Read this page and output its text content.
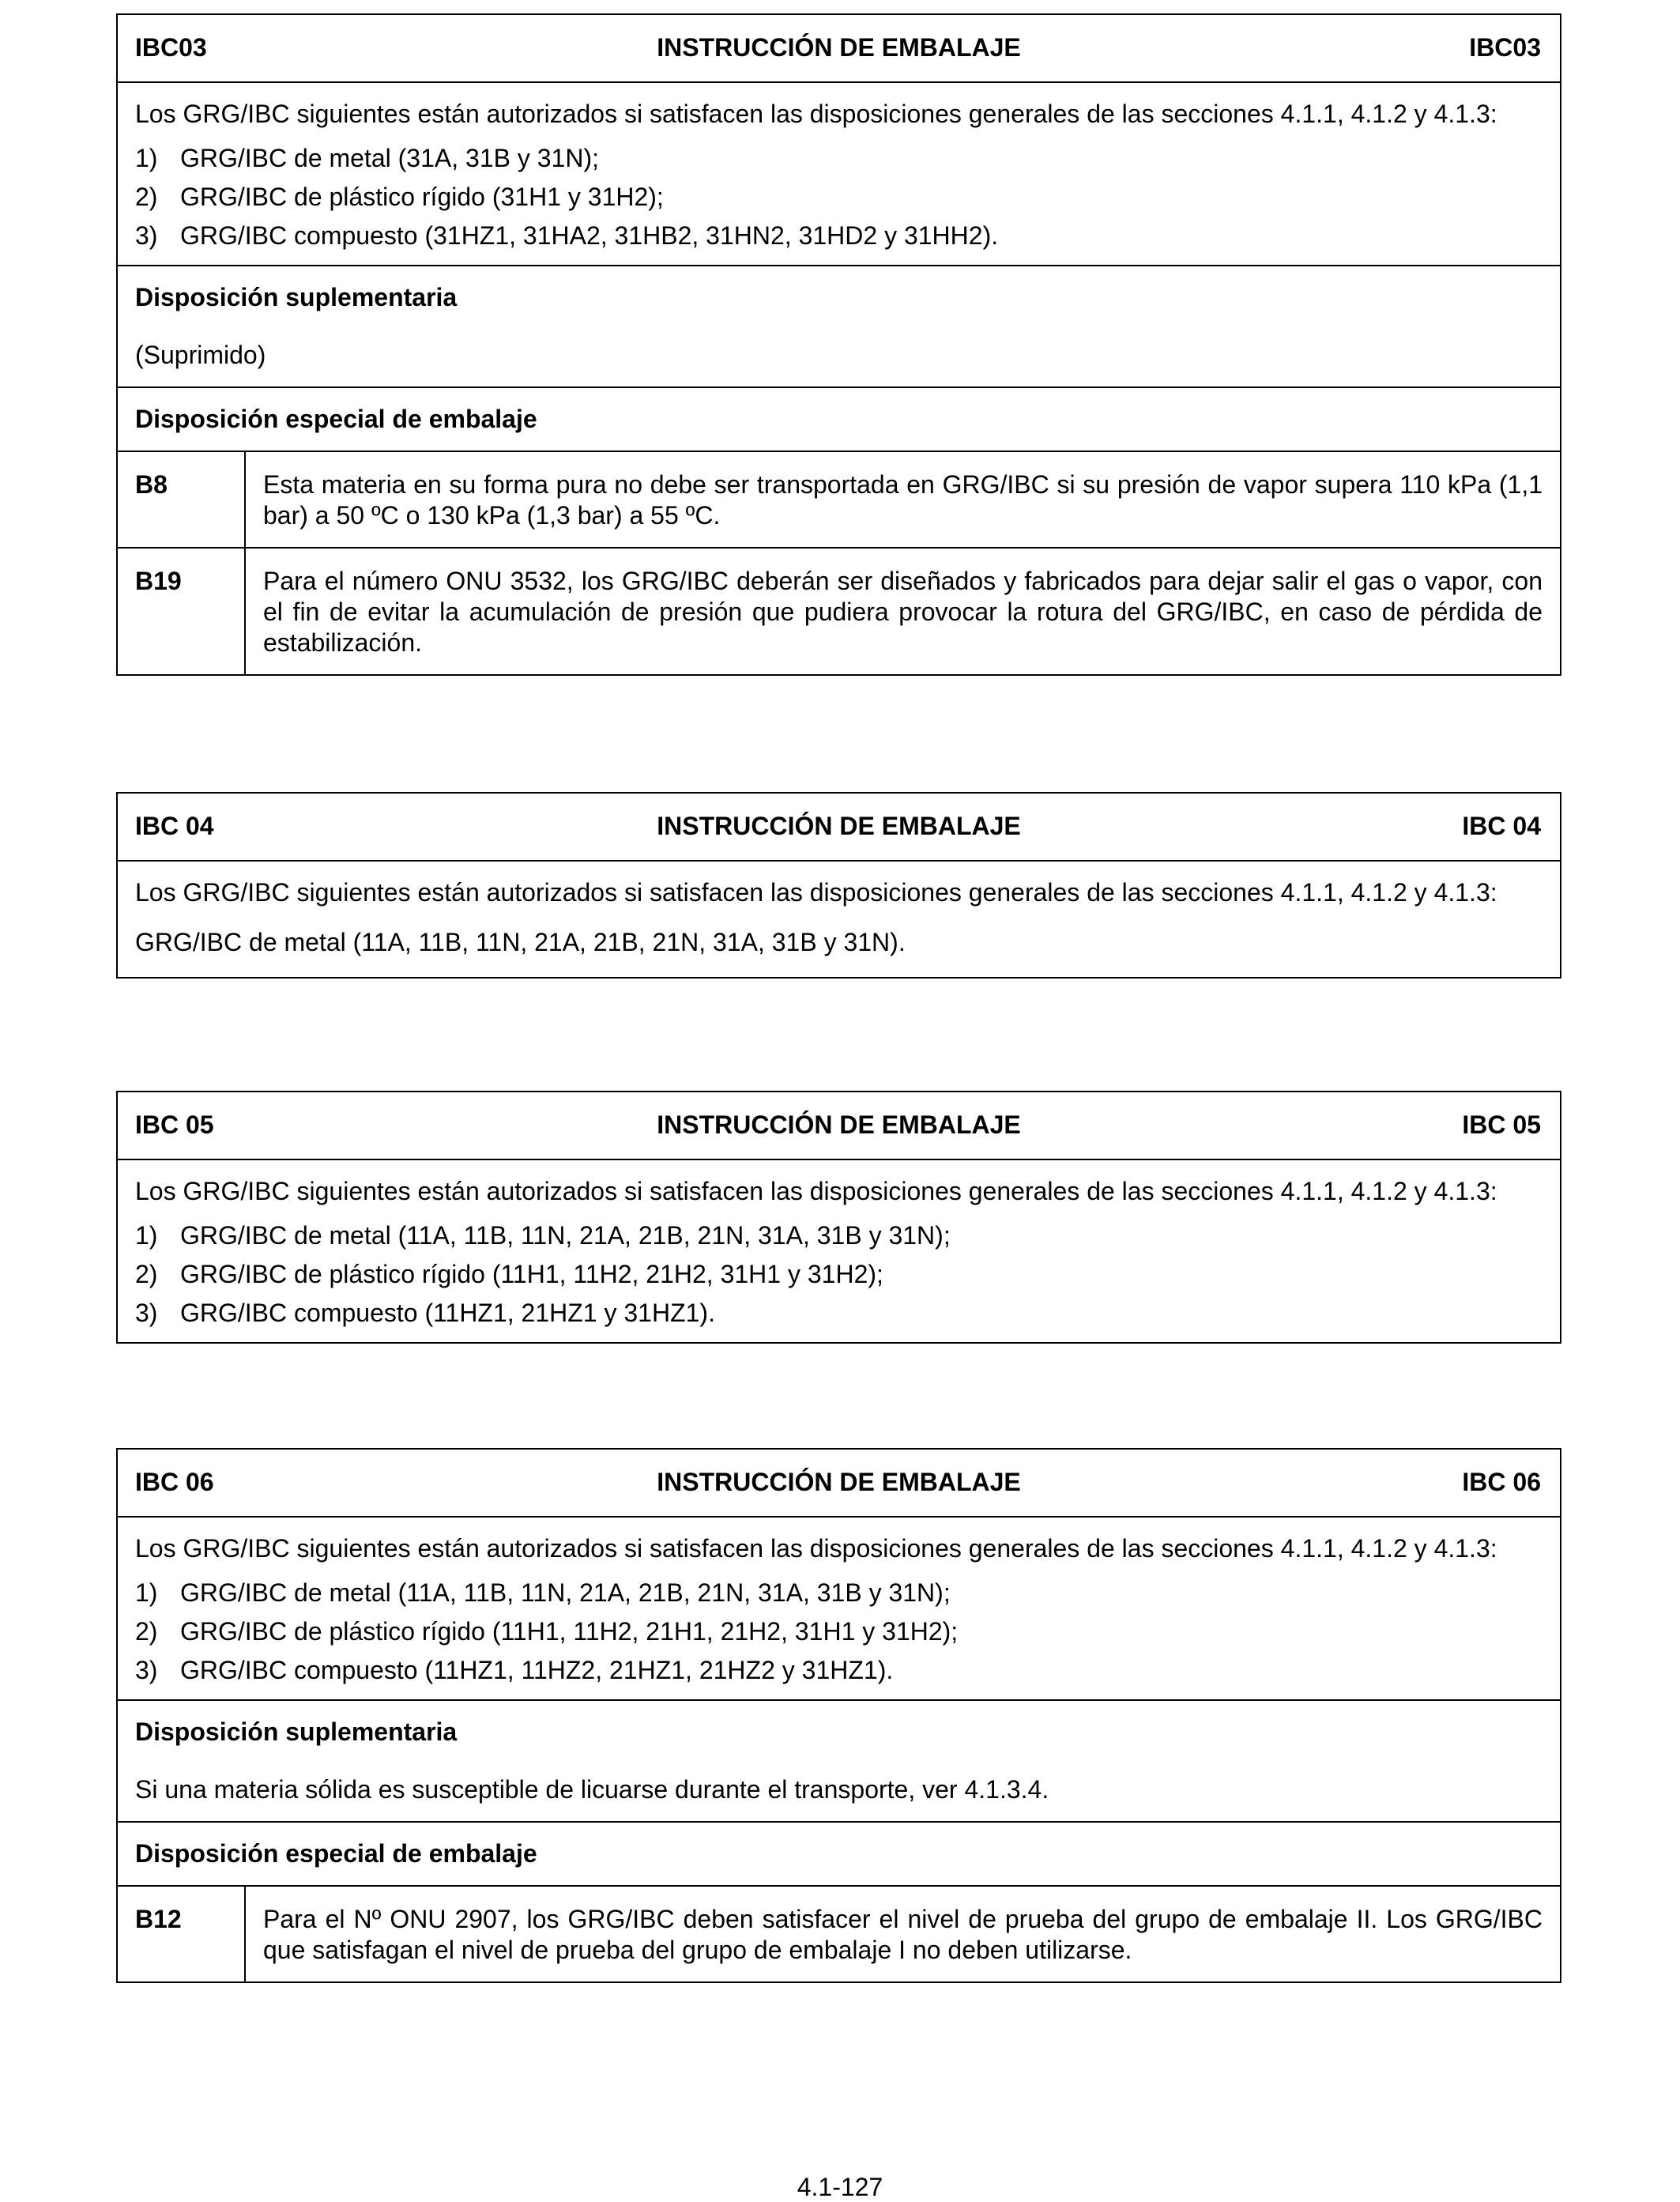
IBC03	INSTRUCCIÓN DE EMBALAJE	IBC03
Los GRG/IBC siguientes están autorizados si satisfacen las disposiciones generales de las secciones 4.1.1, 4.1.2 y 4.1.3:
1) GRG/IBC de metal (31A, 31B y 31N);
2) GRG/IBC de plástico rígido (31H1 y 31H2);
3) GRG/IBC compuesto (31HZ1, 31HA2, 31HB2, 31HN2, 31HD2 y 31HH2).
Disposición suplementaria
(Suprimido)
Disposición especial de embalaje
B8	Esta materia en su forma pura no debe ser transportada en GRG/IBC si su presión de vapor supera 110 kPa (1,1 bar) a 50 ºC o 130 kPa (1,3 bar) a 55 ºC.
B19	Para el número ONU 3532, los GRG/IBC deberán ser diseñados y fabricados para dejar salir el gas o vapor, con el fin de evitar la acumulación de presión que pudiera provocar la rotura del GRG/IBC, en caso de pérdida de estabilización.
IBC 04	INSTRUCCIÓN DE EMBALAJE	IBC 04
Los GRG/IBC siguientes están autorizados si satisfacen las disposiciones generales de las secciones 4.1.1, 4.1.2 y 4.1.3:
GRG/IBC de metal (11A, 11B, 11N, 21A, 21B, 21N, 31A, 31B y 31N).
IBC 05	INSTRUCCIÓN DE EMBALAJE	IBC 05
Los GRG/IBC siguientes están autorizados si satisfacen las disposiciones generales de las secciones 4.1.1, 4.1.2 y 4.1.3:
1) GRG/IBC de metal (11A, 11B, 11N, 21A, 21B, 21N, 31A, 31B y 31N);
2) GRG/IBC de plástico rígido (11H1, 11H2, 21H2, 31H1 y 31H2);
3) GRG/IBC compuesto (11HZ1, 21HZ1 y 31HZ1).
IBC 06	INSTRUCCIÓN DE EMBALAJE	IBC 06
Los GRG/IBC siguientes están autorizados si satisfacen las disposiciones generales de las secciones 4.1.1, 4.1.2 y 4.1.3:
1) GRG/IBC de metal (11A, 11B, 11N, 21A, 21B, 21N, 31A, 31B y 31N);
2) GRG/IBC de plástico rígido (11H1, 11H2, 21H1, 21H2, 31H1 y 31H2);
3) GRG/IBC compuesto (11HZ1, 11HZ2, 21HZ1, 21HZ2 y 31HZ1).
Disposición suplementaria
Si una materia sólida es susceptible de licuarse durante el transporte, ver 4.1.3.4.
Disposición especial de embalaje
B12	Para el Nº ONU 2907, los GRG/IBC deben satisfacer el nivel de prueba del grupo de embalaje II. Los GRG/IBC que satisfagan el nivel de prueba del grupo de embalaje I no deben utilizarse.
4.1-127
